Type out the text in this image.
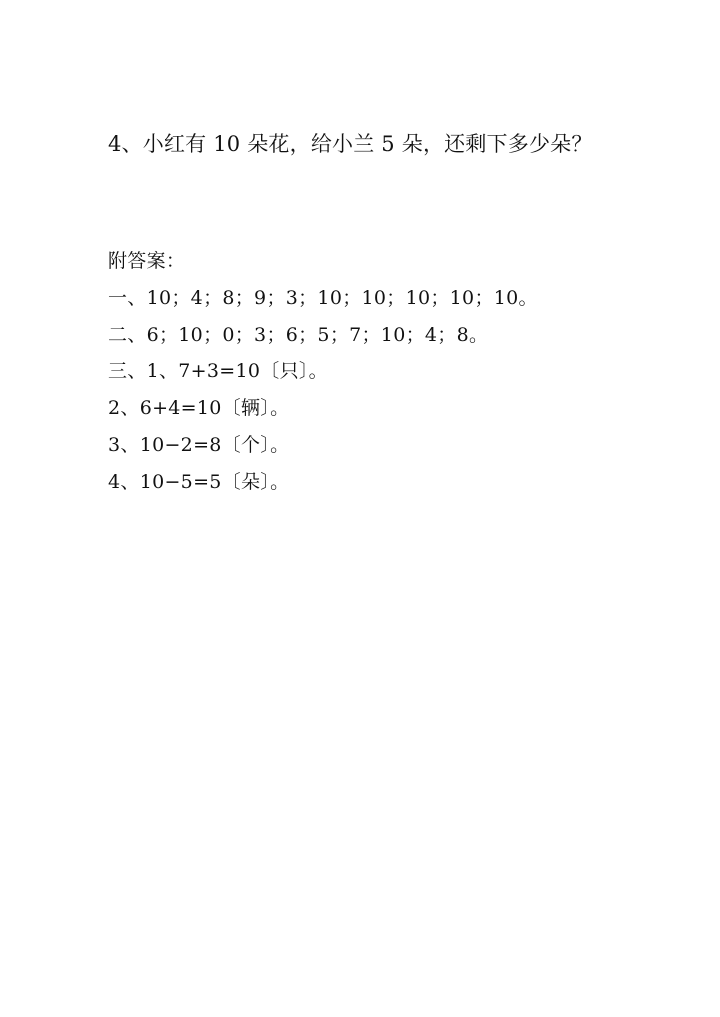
4、小红有 10 朵花，给小兰 5 朵，还剩下多少朵？
附答案：
一、10；4；8；9；3；10；10；10；10；10。
二、6；10；0；3；6；5；7；10；4；8。
三、1、7+3=10〔只〕。
2、6+4=10〔辆〕。
3、10−2=8〔个〕。
4、10−5=5〔朵〕。
